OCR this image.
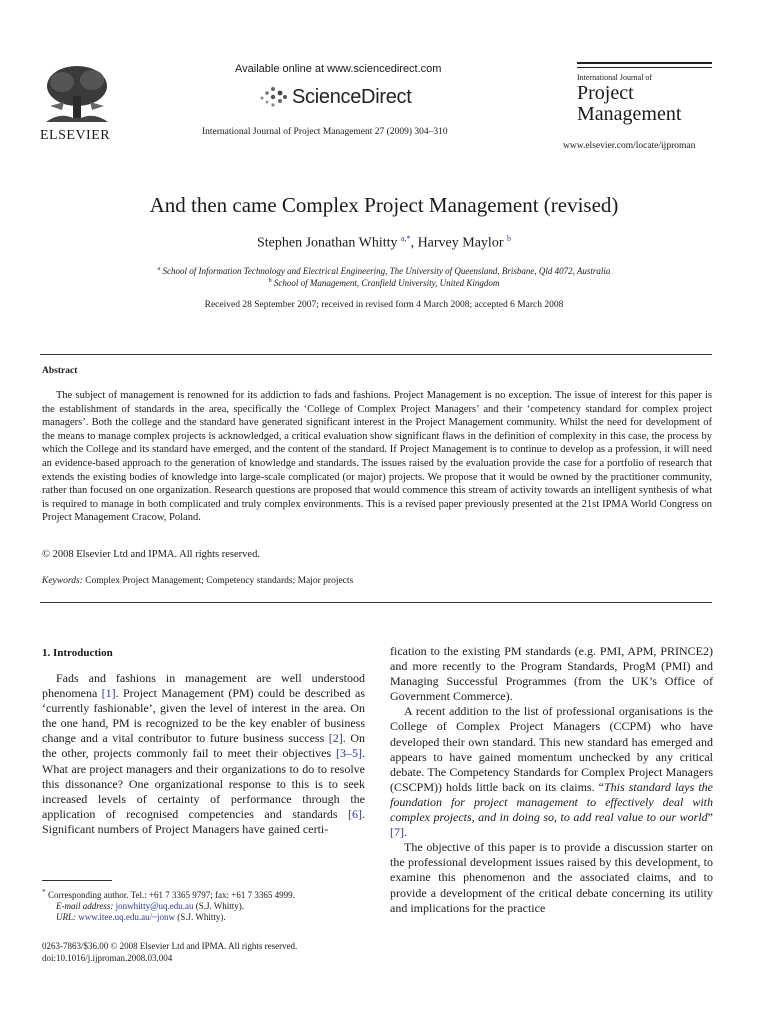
ELSEVIER
Available online at www.sciencedirect.com
ScienceDirect
International Journal of Project Management 27 (2009) 304–310
International Journal of
Project
Management
www.elsevier.com/locate/ijproman
And then came Complex Project Management (revised)
Stephen Jonathan Whitty $^{a,*}$, Harvey Maylor $^b$
$^a$ School of Information Technology and Electrical Engineering, The University of Queensland, Brisbane, Qld 4072, Australia
$^b$ School of Management, Cranfield University, United Kingdom
Received 28 September 2007; received in revised form 4 March 2008; accepted 6 March 2008
Abstract
The subject of management is renowned for its addiction to fads and fashions. Project Management is no exception. The issue of interest for this paper is the establishment of standards in the area, specifically the ‘College of Complex Project Managers’ and their ‘competency standard for complex project managers’. Both the college and the standard have generated significant interest in the Project Management community. Whilst the need for development of the means to manage complex projects is acknowledged, a critical evaluation show significant flaws in the definition of complexity in this case, the process by which the College and its standard have emerged, and the content of the standard. If Project Management is to continue to develop as a profession, it will need an evidence-based approach to the generation of knowledge and standards. The issues raised by the evaluation provide the case for a portfolio of research that extends the existing bodies of knowledge into large-scale complicated (or major) projects. We propose that it would be owned by the practitioner community, rather than focused on one organization. Research questions are proposed that would commence this stream of activity towards an intelligent synthesis of what is required to manage in both complicated and truly complex environments. This is a revised paper previously presented at the 21st IPMA World Congress on Project Management Cracow, Poland.
© 2008 Elsevier Ltd and IPMA. All rights reserved.
Keywords: Complex Project Management; Competency standards; Major projects
1. Introduction

Fads and fashions in management are well understood phenomena [1]. Project Management (PM) could be described as ‘currently fashionable’, given the level of interest in the area. On the one hand, PM is recognized to be the key enabler of business change and a vital contributor to future business success [2]. On the other, projects commonly fail to meet their objectives [3–5]. What are project managers and their organizations to do to resolve this dissonance? One organizational response to this is to seek increased levels of certainty of performance through the application of recognised competencies and standards [6]. Significant numbers of Project Managers have gained certi-

fication to the existing PM standards (e.g. PMI, APM, PRINCE2) and more recently to the Program Standards, ProgM (PMI) and Managing Successful Programmes (from the UK’s Office of Government Commerce).

A recent addition to the list of professional organisations is the College of Complex Project Managers (CCPM) who have developed their own standard. This new standard has emerged and appears to have gained momentum unchecked by any critical debate. The Competency Standards for Complex Project Managers (CSCPM)) holds little back on its claims. “This standard lays the foundation for project management to effectively deal with complex projects, and in doing so, to add real value to our world” [7].

The objective of this paper is to provide a discussion starter on the professional development issues raised by this development, to examine this phenomenon and the associated claims, and to provide a development of the critical debate concerning its utility and implications for the practice

* Corresponding author. Tel.: +61 7 3365 9797; fax: +61 7 3365 4999.
E-mail address: jonwhitty@uq.edu.au (S.J. Whitty).
URL: www.itee.uq.edu.au/~jonw (S.J. Whitty).
0263-7863/$36.00 © 2008 Elsevier Ltd and IPMA. All rights reserved.
doi:10.1016/j.ijproman.2008.03.004
